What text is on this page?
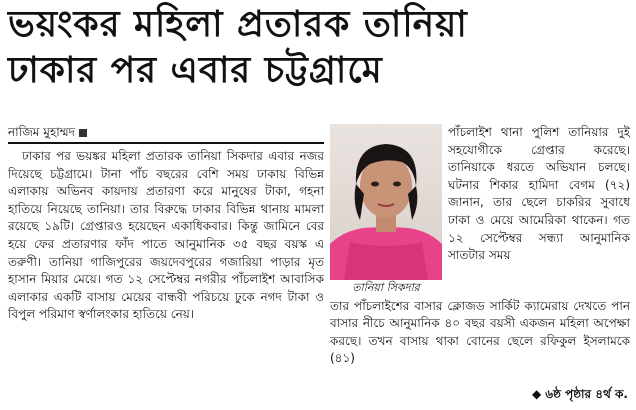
ভয়ংকর মহিলা প্রতারক তানিয়া
ঢাকার পর এবার চট্টগ্রামে
নাজিম মুহাম্মদ

ঢাকার পর ভয়ঙ্কর মহিলা প্রতারক তানিয়া সিকদার এবার নজর দিয়েছে চট্টগ্রামে। টানা পাঁচ বছরের বেশি সময় ঢাকায় বিভিন্ন এলাকায় অভিনব কায়দায় প্রতারণা করে মানুষের টাকা, গহনা হাতিয়ে নিয়েছে তানিয়া। তার বিরুদ্ধে ঢাকার বিভিন্ন থানায় মামলা রয়েছে ১৯টি। গ্রেপ্তারও হয়েছেন একাধিকবার। কিন্তু জামিনে বের হয়ে ফের প্রতারণার ফাঁদ পাতে আনুমানিক ৩৫ বছর বয়স্ক এ তরুণী। তানিয়া গাজিপুরের জয়দেবপুরের গজারিয়া পাড়ার মৃত হাসান মিয়ার মেয়ে। গত ১২ সেপ্টেম্বর নগরীর পাঁচলাইশ আবাসিক এলাকার একটি বাসায় মেয়ের বান্ধবী পরিচয়ে ঢুকে নগদ টাকা ও বিপুল পরিমাণ স্বর্ণালংকার হাতিয়ে নেয়।

তানিয়া সিকদার

পাঁচলাইশ থানা পুলিশ তানিয়ার দুই সহযোগীকে গ্রেপ্তার করেছে। তানিয়াকে ধরতে অভিযান চলছে। ঘটনার শিকার হামিদা বেগম (৭২) জানান, তার ছেলে চাকরির সুবাধে ঢাকা ও মেয়ে আমেরিকা থাকেন। গত ১২ সেপ্টেম্বর সন্ধ্যা আনুমানিক সাতটার সময়

তার পাঁচলাইশের বাসার ক্লোজড সার্কিট ক্যামেরায় দেখতে পান বাসার নীচে আনুমানিক ৪০ বছর বয়সী একজন মহিলা অপেক্ষা করছে। তখন বাসায় থাকা বোনের ছেলে রফিকুল ইসলামকে (৪১)

◆ ৬ষ্ঠ পৃষ্ঠার ৪র্থ ক.
